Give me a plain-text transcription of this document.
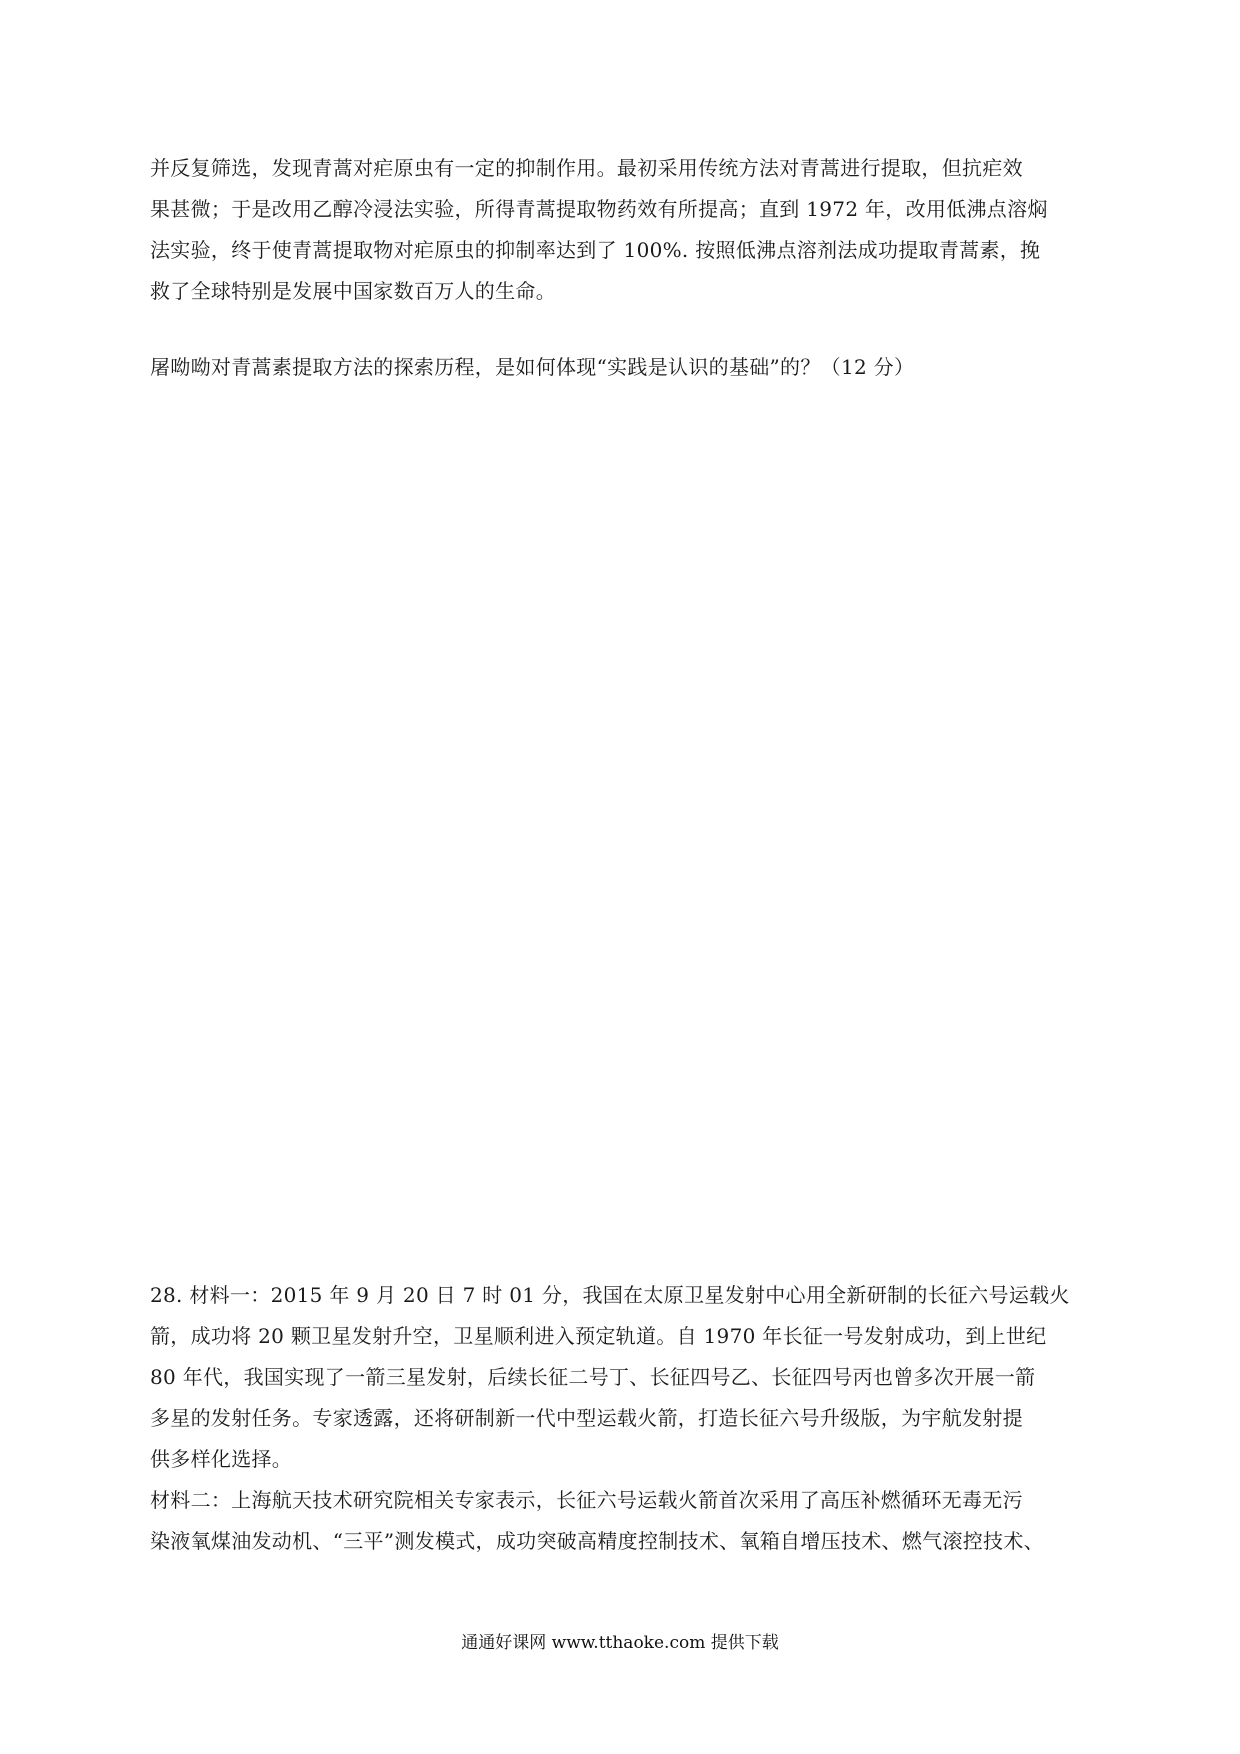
并反复筛选，发现青蒿对疟原虫有一定的抑制作用。最初采用传统方法对青蒿进行提取，但抗疟效
果甚微；于是改用乙醇冷浸法实验，所得青蒿提取物药效有所提高；直到 1972 年，改用低沸点溶焖
法实验，终于使青蒿提取物对疟原虫的抑制率达到了 100%. 按照低沸点溶剂法成功提取青蒿素，挽
救了全球特别是发展中国家数百万人的生命。
屠呦呦对青蒿素提取方法的探索历程，是如何体现“实践是认识的基础”的？（12 分）
28. 材料一：2015 年 9 月 20 日 7 时 01 分，我国在太原卫星发射中心用全新研制的长征六号运载火
箭，成功将 20 颗卫星发射升空，卫星顺利进入预定轨道。自 1970 年长征一号发射成功，到上世纪
80 年代，我国实现了一箭三星发射，后续长征二号丁、长征四号乙、长征四号丙也曾多次开展一箭
多星的发射任务。专家透露，还将研制新一代中型运载火箭，打造长征六号升级版，为宇航发射提
供多样化选择。
材料二：上海航天技术研究院相关专家表示，长征六号运载火箭首次采用了高压补燃循环无毒无污
染液氧煤油发动机、“三平”测发模式，成功突破高精度控制技术、氧箱自增压技术、燃气滚控技术、
通通好课网 www.tthaoke.com 提供下载
